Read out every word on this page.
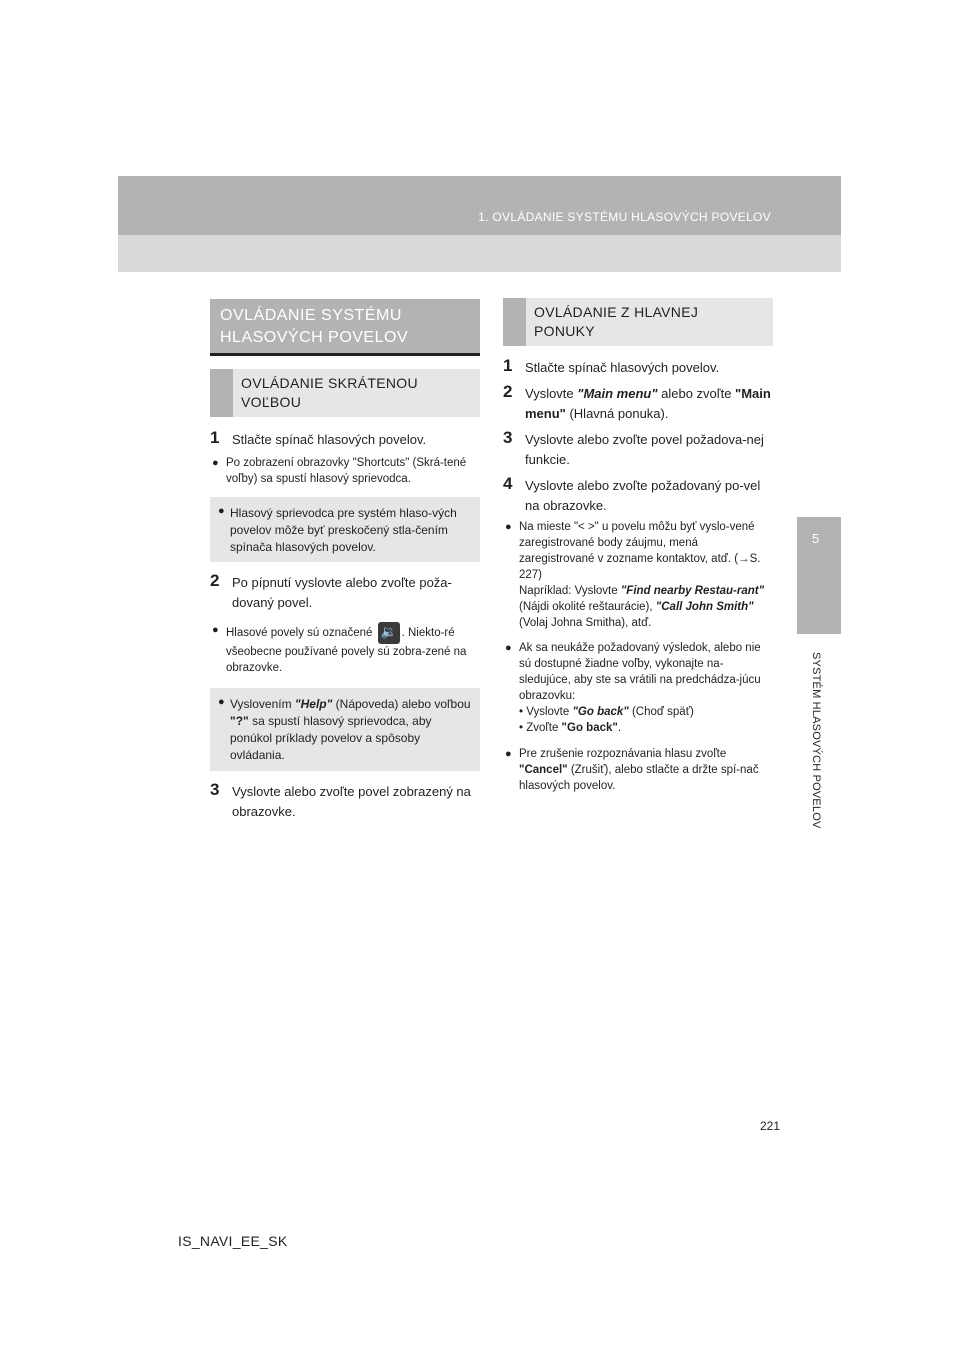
1. OVLÁDANIE SYSTÉMU HLASOVÝCH POVELOV
5
SYSTÉM HLASOVÝCH POVELOV
OVLÁDANIE SYSTÉMU
HLASOVÝCH POVELOV
OVLÁDANIE SKRÁTENOU
VOĽBOU
1 Stlačte spínač hlasových povelov.
● Po zobrazení obrazovky "Shortcuts" (Skrá-tené voľby) sa spustí hlasový sprievodca.
● Hlasový sprievodca pre systém hlaso-vých povelov môže byť preskočený stla-čením spínača hlasových povelov.
2 Po pípnutí vyslovte alebo zvoľte poža-dovaný povel.
● Hlasové povely sú označené 🔉 . Niekto-ré všeobecne používané povely sú zobra-zené na obrazovke.
● Vyslovením "Help" (Nápoveda) alebo voľbou "?" sa spustí hlasový sprievodca, aby ponúkol príklady povelov a spôsoby ovládania.
3 Vyslovte alebo zvoľte povel zobrazený na obrazovke.
OVLÁDANIE Z HLAVNEJ
PONUKY
1 Stlačte spínač hlasových povelov.
2 Vyslovte "Main menu" alebo zvoľte "Main menu" (Hlavná ponuka).
3 Vyslovte alebo zvoľte povel požadova-nej funkcie.
4 Vyslovte alebo zvoľte požadovaný po-vel na obrazovke.
● Na mieste "< >" u povelu môžu byť vyslo-vené zaregistrované body záujmu, mená zaregistrované v zozname kontaktov, atď. (→S. 227)
Napríklad: Vyslovte "Find nearby Restau-rant" (Nájdi okolité reštaurácie), "Call John Smith" (Volaj Johna Smitha), atď.
● Ak sa neukáže požadovaný výsledok, alebo nie sú dostupné žiadne voľby, vykonajte na-sledujúce, aby ste sa vrátili na predchádza-júcu obrazovku:
• Vyslovte "Go back" (Choď späť)
• Zvoľte "Go back".
● Pre zrušenie rozpoznávania hlasu zvoľte "Cancel" (Zrušiť), alebo stlačte a držte spí-nač hlasových povelov.
221
IS_NAVI_EE_SK
